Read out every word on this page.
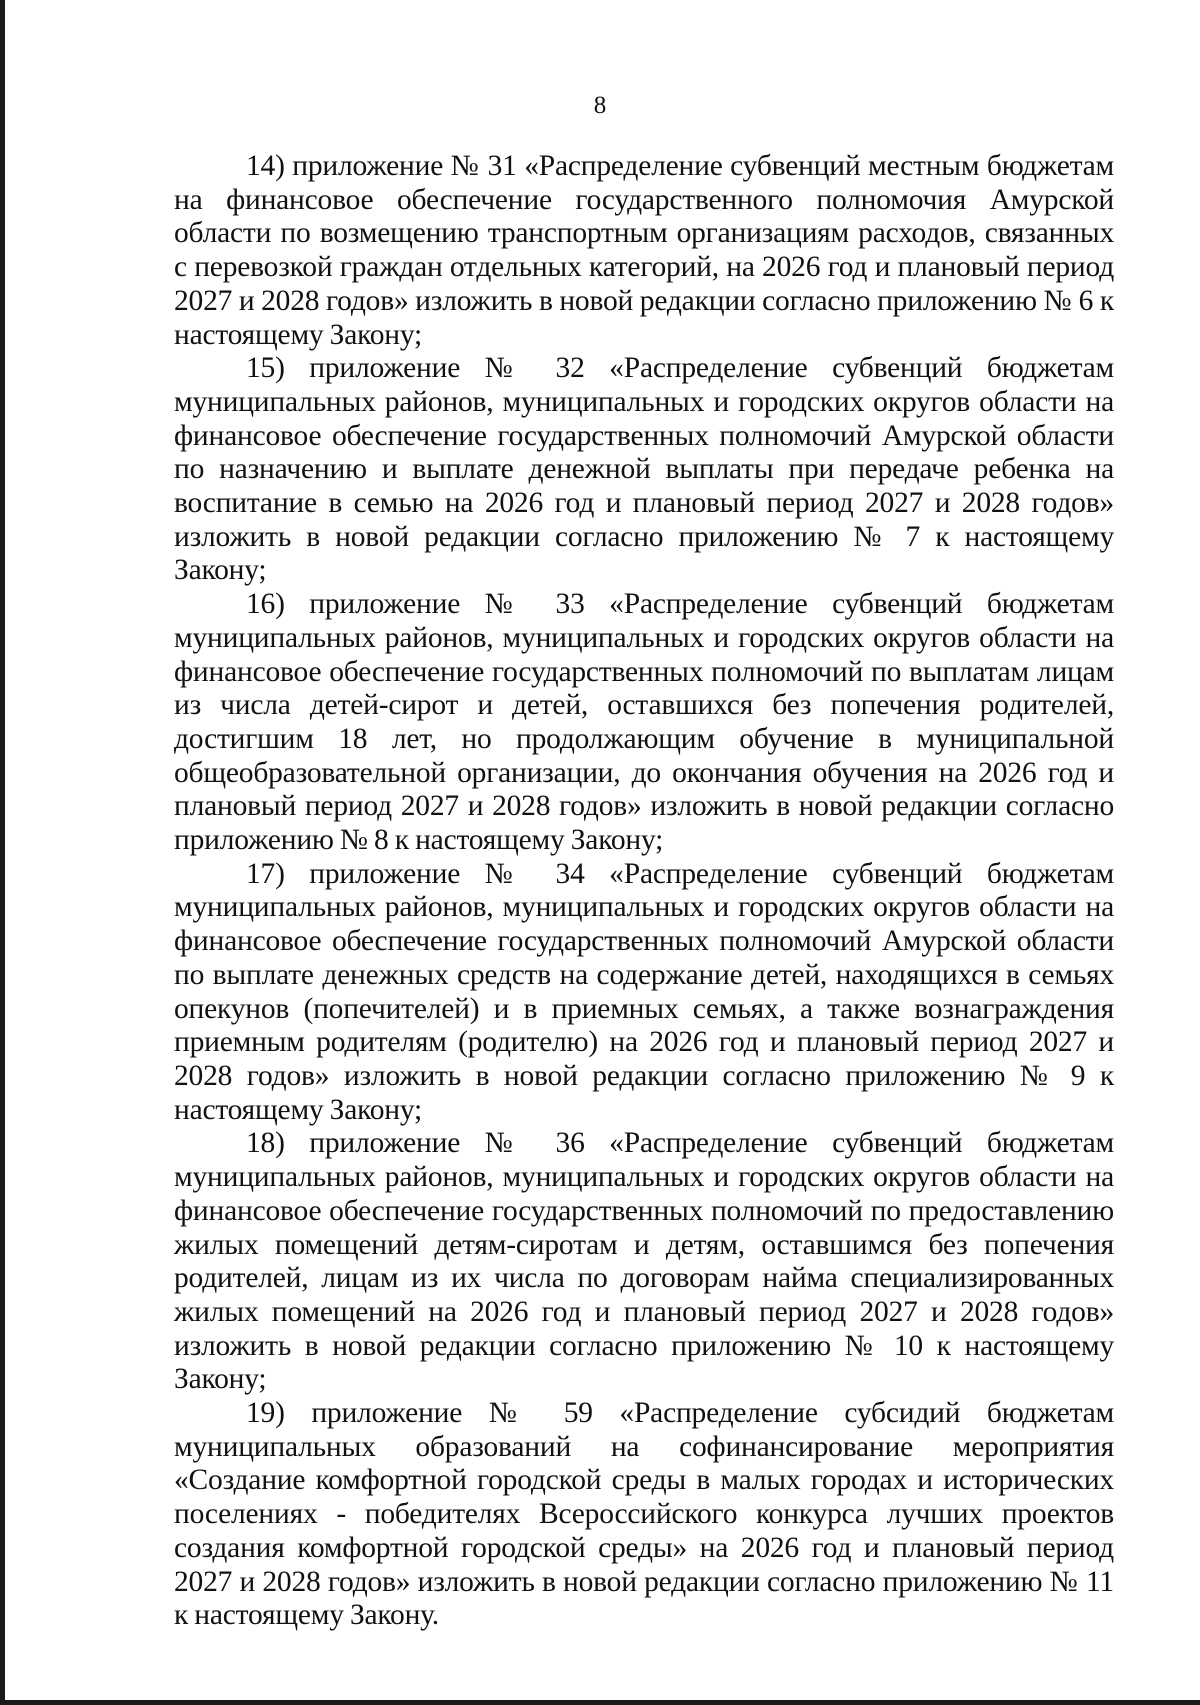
8

14) приложение № 31 «Распределение субвенций местным бюджетам на финансовое обеспечение государственного полномочия Амурской области по возмещению транспортным организациям расходов, связанных с перевозкой граждан отдельных категорий, на 2026 год и плановый период 2027 и 2028 годов» изложить в новой редакции согласно приложению № 6 к настоящему Закону;

15) приложение № 32 «Распределение субвенций бюджетам муниципальных районов, муниципальных и городских округов области на финансовое обеспечение государственных полномочий Амурской области по назначению и выплате денежной выплаты при передаче ребенка на воспитание в семью на 2026 год и плановый период 2027 и 2028 годов» изложить в новой редакции согласно приложению № 7 к настоящему Закону;

16) приложение № 33 «Распределение субвенций бюджетам муниципальных районов, муниципальных и городских округов области на финансовое обеспечение государственных полномочий по выплатам лицам из числа детей-сирот и детей, оставшихся без попечения родителей, достигшим 18 лет, но продолжающим обучение в муниципальной общеобразовательной организации, до окончания обучения на 2026 год и плановый период 2027 и 2028 годов» изложить в новой редакции согласно приложению № 8 к настоящему Закону;

17) приложение № 34 «Распределение субвенций бюджетам муниципальных районов, муниципальных и городских округов области на финансовое обеспечение государственных полномочий Амурской области по выплате денежных средств на содержание детей, находящихся в семьях опекунов (попечителей) и в приемных семьях, а также вознаграждения приемным родителям (родителю) на 2026 год и плановый период 2027 и 2028 годов» изложить в новой редакции согласно приложению № 9 к настоящему Закону;

18) приложение № 36 «Распределение субвенций бюджетам муниципальных районов, муниципальных и городских округов области на финансовое обеспечение государственных полномочий по предоставлению жилых помещений детям-сиротам и детям, оставшимся без попечения родителей, лицам из их числа по договорам найма специализированных жилых помещений на 2026 год и плановый период 2027 и 2028 годов» изложить в новой редакции согласно приложению № 10 к настоящему Закону;

19) приложение № 59 «Распределение субсидий бюджетам муниципальных образований на софинансирование мероприятия «Создание комфортной городской среды в малых городах и исторических поселениях - победителях Всероссийского конкурса лучших проектов создания комфортной городской среды» на 2026 год и плановый период 2027 и 2028 годов» изложить в новой редакции согласно приложению № 11 к настоящему Закону.
